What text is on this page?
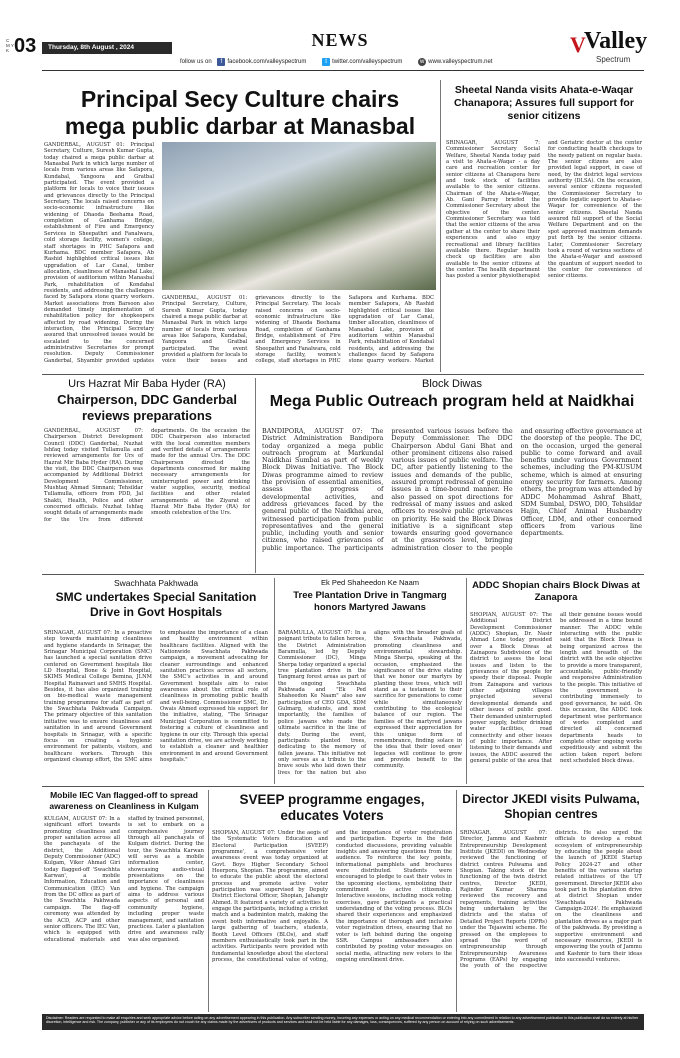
C M Y K 03	Thursday, 8th August , 2024	NEWS
follow us on f facebook.com/valleyspectrum	t twitter.com/valleyspectrum	w www.valleyspectrum.net
V
Valley
Spectrum
Principal Secy Culture chairs mega public darbar at Manasbal
GANDERBAL, AUGUST 01: Principal Secretary, Culture, Suresh Kumar Gupta, today chaired a mega public darbar at Manasbal Park in which large number of locals from various areas like Safapora, Kundabal, Yangoora and Gratbal participated. The event provided a platform for locals to voice their issues and grievances directly to the Principal Secretary. The locals raised concerns on socio-economic infrastructure like widening of Dhaoda Beehama Road, completion of Ganhama Bridge, establishment of Fire and Emergency Services in Sheepathri and Fanalwara, cold storage facility, women's college, staff shortages in PHC Safapora and Kurhama. BDC member Safapora, Ab Rashid highlighted critical issues like upgradation of Lar Canal, timber allocation, cleanliness of Manasbal Lake, provision of auditorium within Manasbal Park, rehabilitation of Kondabal residents, and addressing the challenges faced by Safapora stone quarry workers. Market associations from Barsoon also demanded timely implementation of rehabilitation policy for shopkeepers affected by road widening. During the interaction, the Principal Secretary assured that unresolved issues would be escalated to the concerned administrative Secretaries for prompt resolution. Deputy Commissioner Ganderbal, Shyambir provided updates
GANDERBAL, AUGUST 01: Principal Secretary, Culture, Suresh Kumar Gupta, today chaired a mega public darbar at Manasbal Park in which large number of locals from various areas like Safapora, Kundabal, Yangoora and Gratbal participated. The event provided a platform for locals to voice their issues and grievances directly to the Principal Secretary. The locals raised concerns on socio-economic infrastructure like widening of Dhaoda Beehama Road, completion of Ganhama Bridge, establishment of Fire and Emergency Services in Sheepathri and Fanalwara, cold storage facility, women's college, staff shortages in PHC Safapora and Kurhama. BDC member Safapora, Ab Rashid highlighted critical issues like upgradation of Lar Canal, timber allocation, cleanliness of Manasbal Lake, provision of auditorium within Manasbal Park, rehabilitation of Kondabal residents, and addressing the challenges faced by Safapora stone quarry workers. Market
Sheetal Nanda visits Ahata-e-Waqar Chanapora; Assures full support for senior citizens
SRINAGAR, AUGUST 7: Commissioner Secretary Social Welfare, Sheetal Nanda today paid a visit to Ahata-e-Waqar - a day care and recreation center for senior citizens at Chanapora here and took stock of facilities available to the senior citizens. Chairman of the Ahata-e-Waqar, Ab. Gani Parray briefed the Commissioner Secretary about the objective of the center. Commissioner Secretary was told that the senior citizens of the area gather at the center to share their experiences and also enjoy recreational and library facilities available there. Regular health check up facilities are also available to the senior citizens at the center. The health department has posted a senior physiotherapist and Geriatric doctor at the center for conducting health checkups to the needy patient on regular basis. The senior citizens are also provided legal support, in case of need, by the district legal services authority (DLSA). On the occasion, several senior citizens requested the Commissioner Secretary to provide logistic support to Ahata-e-Waqar for convenience of the senior citizens. Sheetal Nanda assured full support of the Social Welfare Department and on the spot approved maximum demands put forth by the senior citizens. Later, Commissioner Secretary took a round of various sections of the Ahata-e-Waqar and assessed the quantum of support needed to the center for convenience of senior citizens.
Urs Hazrat Mir Baba Hyder (RA)
Chairperson, DDC Ganderbal reviews preparations
GANDERBAL, AUGUST 07: Chairperson District Development Council (DDC) Ganderbal, Nuzhat Ishfaq today visited Tullamulla and reviewed arrangements for Urs of Hazrat Mir Baba Hyder (RA). During the visit, the DDC Chairperson was accompanied by Additional District Development Commissioner, Mushtaq Ahmad Simnani; Tehsildar Tullamulla, officers from PDD, Jal Shakti, Health, Police and other concerned officials. Nuzhat Ishfaq sought details of arrangements made for the Urs from different departments. On the occasion the DDC Chairperson also interacted with the local committee members and verified details of arrangements made for the annual Urs. The DDC Chairperson directed the departments concerned for making necessary arrangements for uninterrupted power and drinking water supplies, security, medical facilities and other related arrangements at the Ziyarat of Hazrat Mir Baba Hyder (RA) for smooth celebration of the Urs.
Block Diwas
Mega Public Outreach program held at Naidkhai
BANDIPORA, AUGUST 07: The District Administration Bandipora today organized a mega public outreach program at Markundal Naidkhai Sumbal as part of weekly Block Diwas Initiative. The Block Diwas programme aimed to review the provision of essential amenities, assess the progress of developmental activities, and address grievances faced by the general public of the Naidkhai area, witnessed participation from public representatives and the general public, including youth and senior citizens, who raised grievances of public importance. The participants presented various issues before the Deputy Commissioner. The DDC Chairperson Abdul Gani Bhat and other prominent citizens also raised various issues of public welfare. The DC, after patiently listening to the issues and demands of the public, assured prompt redressal of genuine issues in a time-bound manner. He also passed on spot directions for redressal of many issues and asked officers to resolve public grievances on priority. He said the Block Diwas initiative is a significant step towards ensuring good governance at the grassroots level, bringing administration closer to the people and ensuring effective governance at the doorstep of the people. The DC, on the occasion, urged the general public to come forward and avail benefits under various Government schemes, including the PM-KUSUM scheme, which is aimed at ensuring energy security for farmers. Among others, the program was attended by ADDC Mohammad Ashraf Bhatt, SDM Sumbal, DSWO, DIO, Tehsildar Hajin, Chief Animal Husbandry Officer, LDM, and other concerned officers from various line departments.
Swachhata Pakhwada
SMC undertakes Special Sanitation Drive in Govt Hospitals
SRINAGAR, AUGUST 07: In a proactive step towards maintaining cleanliness and hygiene standards in Srinagar, the Srinagar Municipal Corporation (SMC) has launched a special sanitation drive centered on Government hospitals like LD Hospital, Bone & Joint Hospital, SKIMS Medical College Bemina, JLNM Hospital Rainawari and SMHS Hospital. Besides, it has also organized training on bio-medical waste management training programme for staff as part of the Swachhata Pakhwada Campaign. The primary objective of this sanitation initiative was to ensure cleanliness and sanitation in and around Government hospitals in Srinagar, with a specific focus on creating a hygienic environment for patients, visitors, and healthcare workers. Through this organized cleanup effort, the SMC aims to emphasize the importance of a clean and healthy environment within healthcare facilities. Aligned with the Nationwide Swachhata Pakhwada campaign, a movement advocating for cleaner surroundings and enhanced sanitation practices across all sectors, the SMC's activities in and around Government hospitals aim to raise awareness about the critical role of cleanliness in promoting public health and well-being. Commissioner SMC, Dr. Owais Ahmed expressed his support for the initiative, stating, "The Srinagar Municipal Corporation is committed to fostering a culture of cleanliness and hygiene in our city. Through this special sanitation drive, we are actively working to establish a cleaner and healthier environment in and around Government hospitals."
Ek Ped Shaheedon Ke Naam
Tree Plantation Drive in Tangmarg honors Martyred Jawans
BARAMULLA, AUGUST 07: In a poignant tribute to fallen heroes, the District Administration Baramulla, led by Deputy Commissioner (DC), Minga Sherpa today organized a special tree plantation drive in the Tangmarg forest areas as part of the ongoing Swachhata Pakhwada and "Ek Ped Shaheedon Ke Naam" also saw participation of CEO GDA, SDM Gulmarg, students, and most importantly, the families of police jawans who made the ultimate sacrifice in the line of duty. During the event, participants planted trees, dedicating to the memory of fallen jawans. This initiative not only serves as a tribute to the brave souls who laid down their lives for the nation but also aligns with the broader goals of the Swachhata Pakhwada, promoting cleanliness and environmental stewardship. Minga Sherpa, speaking at the occasion, emphasized the significance of the drive stating that we honor our martyrs by planting these trees, which will stand as a testament to their sacrifice for generations to come while simultaneously contributing to the ecological balance of our region. The families of the martyred jawans expressed their appreciation for this unique form of remembrance, finding solace in the idea that their loved ones' legacies will continue to grow and provide benefit to the community.
ADDC Shopian chairs Block Diwas at Zanapora
SHOPIAN, AUGUST 07: The Additional District Development Commissioner (ADDC) Shopian, Dr. Nasir Ahmad Lone today presided over a Block Diwas at Zainapora Subdivision of the district to assess the local issues and listen to the grievances of the people for speedy their disposal. People from Zainapora and various other adjoining villages projected several developmental demands and other issues of public good. Their demanded uninterrupted power supply, better drinking water facilities, road connectivity and other issues of public importance. After listening to their demands and issues, the ADDC assured the general public of the area that all their genuine issues would be addressed in a time bound manner. The ADDC while interacting with the public said that the Block Diwas is being organized across the length and breadth of the district with the sole objective to provide a more transparent, accountable, public-friendly and responsive Administration to the people. This initiative of the government is contributing immensely to good governance, he said. On this occasion, the ADDC took department wise performance of works completed and directed all concerned departments heads to complete other ongoing works expeditiously and submit the action taken report before next scheduled block diwas.
Mobile IEC Van flagged-off to spread awareness on Cleanliness in Kulgam
KULGAM, AUGUST 07: In a significant effort towards promoting cleanliness and proper sanitation across all the panchayats of the district, the Additional Deputy Commissioner (ADC) Kulgam, Viker Ahmad Giri today flagged-off 'Swachhta Karwan', a mobile Information, Education and Communication (IEC) Van from the DC office as part of the Swachhta Pakhwada campaign. The flag-off ceremony was attended by the ACD, ACP and other senior officers. The IEC Van, which is equipped with educational materials and staffed by trained personnel, is set to embark on a comprehensive journey through all panchayats of Kulgam district. During the tour, the Swachhta Karwan will serve as a mobile information center, showcasing audio-visual presentations on the importance of cleanliness and hygiene. The campaign aims to address various aspects of personal and community hygiene, including proper waste management, and sanitation practices. Later a plantation drive and awareness rally was also organised.
SVEEP programme engages, educates Voters
SHOPIAN, AUGUST 07: Under the aegis of the 'Systematic Voters Education and Electoral Participation (SVEEP) programme', a comprehensive voter awareness event was today organized at Govt. Boys Higher Secondary School Heerpora, Shopian. The programme, aimed to educate the public about the electoral process and promote active voter participation was supervised by Deputy District Electoral Officer, Shopian, Jahangir Ahmed. It featured a variety of activities to engage the participants, including a cricket match and a badminton match, making the event both informative and enjoyable. A large gathering of teachers, students, Booth Level Officers (BLOs), and staff members enthusiastically took part in the activities. Participants were provided with fundamental knowledge about the electoral process, the constitutional value of voting, and the importance of voter registration and participation. Experts in the field conducted discussions, providing valuable insights and answering questions from the audience. To reinforce the key points, informational pamphlets and brochures were distributed. Students were encouraged to pledge to cast their votes in the upcoming elections, symbolizing their commitment to active citizenship. Interactive sessions, including mock voting exercises, gave participants a practical understanding of the voting process. BLOs shared their experiences and emphasized the importance of thorough and inclusive voter registration drives, ensuring that no voter is left behind during the ongoing SSR. Campus ambassadors also contributed by posting voter messages on social media, attracting new voters to the ongoing enrollment drive.
Director JKEDI visits Pulwama, Shopian centres
SRINAGAR, AUGUST 07: Director, Jammu and Kashmir Entrepreneurship Development Institute (JKEDI) on Wednesday reviewed the functioning of district centres Pulwama and Shopian. Taking stock of the functioning of the twin district centres, Director JKEDI, Rajinder Kumar Sharma reviewed the recovery and repayments, training activities being undertaken by the districts and the status of Detailed Project Reports (DPRs) under the Tejaswini scheme. He pressed on the employees to spread the word of entrepreneurship through Entrepreneurship Awareness Programs (EAPs) by engaging the youth of the respective districts. He also urged the officials to develop a robust ecosystem of entrepreneurship by educating the people about the launch of JKEDI Startup Policy 2024-27 and other benefits of the various startup related initiatives of the UT government. Director JKEDI also took part in the plantation drive at district Shopian under 'Swachhata Pakhwada Campaign-2024'. He emphasized on the cleanliness and plantation drives as a major part of the pakhwada. By providing a supportive environment and necessary resources, JKEDI is empowering the youth of Jammu and Kashmir to turn their ideas into successful ventures.
Disclaimer: Readers are requested to make all enquiries and seek appropriate advice before acting on any advertisement appearing in this publication. Any subscriber sending money, incurring any expenses or acting on any medical recommendation or entering into any commitment in relation to any advertisement publication in this publication shall do so entirely at his/her discretion, intelligence and risk. The company, publisher or any of its employees do not vouch for any claims made by the advertisers of products and services and shall not be held liable for any damages, loss, consequences, suffered by any person on account of relying on such advertisements.
